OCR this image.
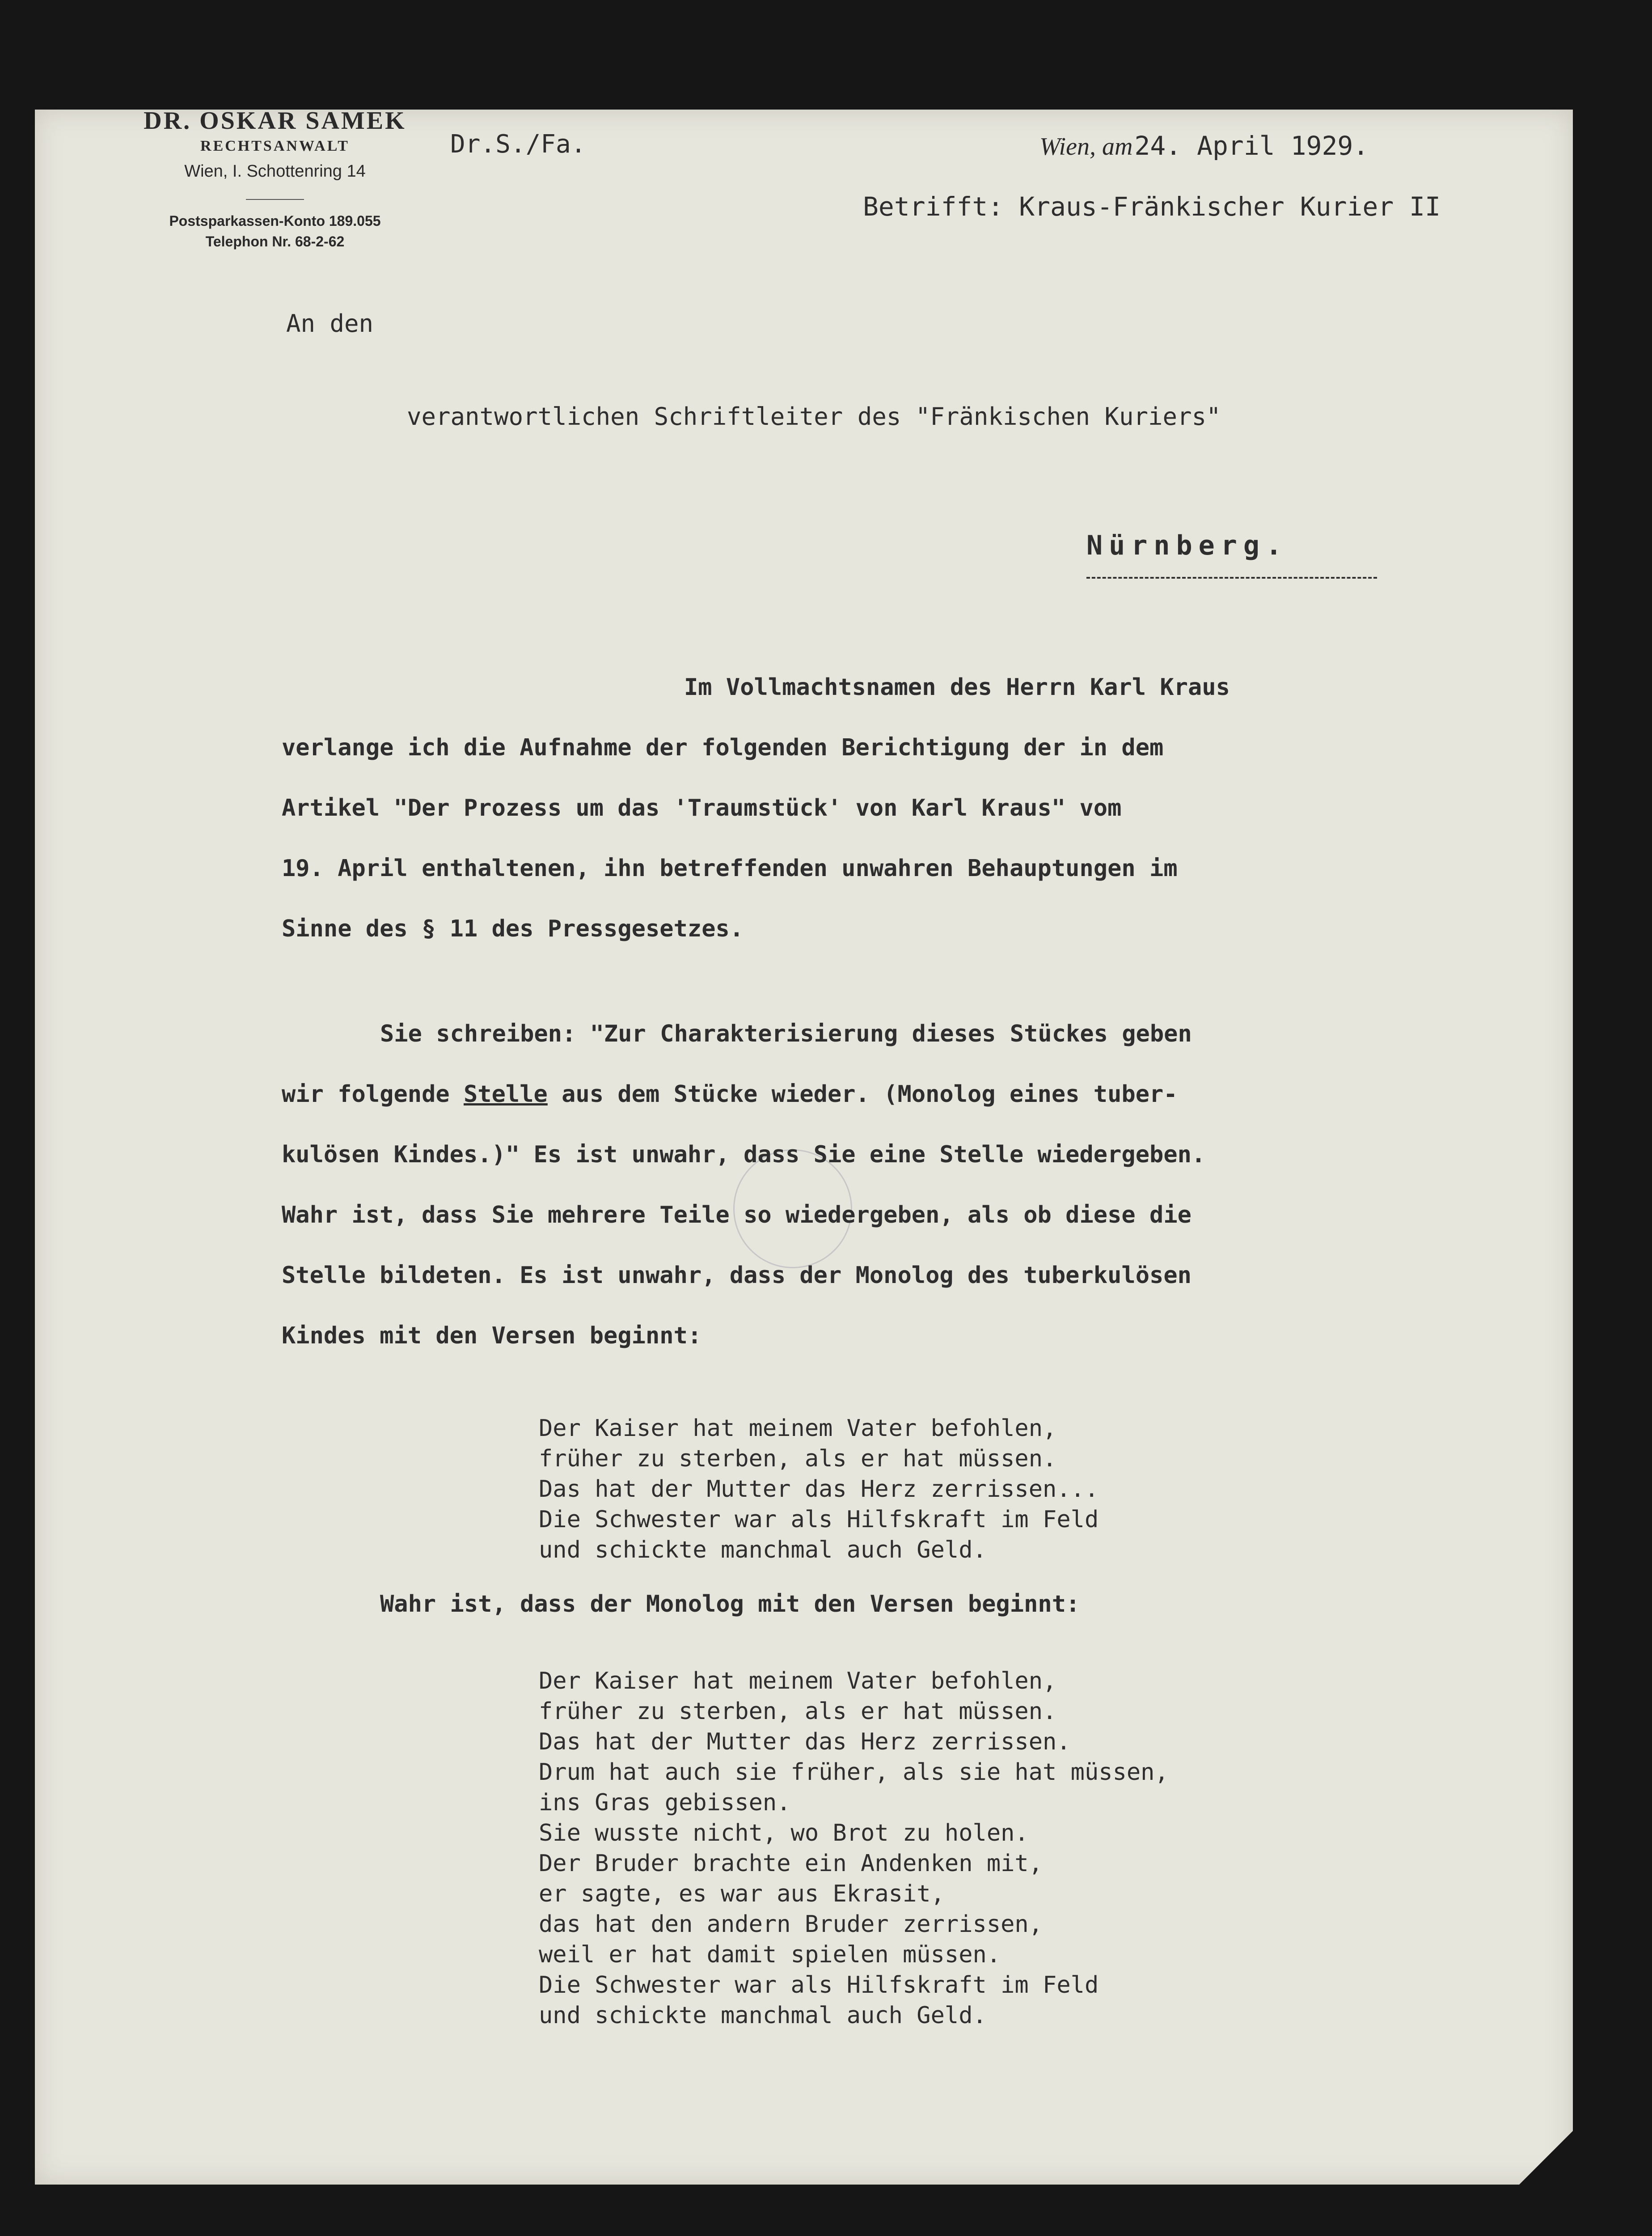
DR. OSKAR SAMEK
RECHTSANWALT
Wien, I. Schottenring 14
Postsparkassen-Konto 189.055
Telephon Nr. 68-2-62
Dr.S./Fa.	Wien, am 24. April 1929.
Betrifft: Kraus-Fränkischer Kurier II
An den
verantwortlichen Schriftleiter des "Fränkischen Kuriers"
Nürnberg.
Im Vollmachtsnamen des Herrn Karl Kraus
verlange ich die Aufnahme der folgenden Berichtigung der in dem
Artikel "Der Prozess um das 'Traumstück' von Karl Kraus" vom
19. April enthaltenen, ihn betreffenden unwahren Behauptungen im
Sinne des § 11 des Pressgesetzes.
Sie schreiben: "Zur Charakterisierung dieses Stückes geben
wir folgende Stelle aus dem Stücke wieder. (Monolog eines tuber-
kulösen Kindes.)" Es ist unwahr, dass Sie eine Stelle wiedergeben.
Wahr ist, dass Sie mehrere Teile so wiedergeben, als ob diese die
Stelle bildeten. Es ist unwahr, dass der Monolog des tuberkulösen
Kindes mit den Versen beginnt:
Der Kaiser hat meinem Vater befohlen,
früher zu sterben, als er hat müssen.
Das hat der Mutter das Herz zerrissen...
Die Schwester war als Hilfskraft im Feld
und schickte manchmal auch Geld.
Wahr ist, dass der Monolog mit den Versen beginnt:
Der Kaiser hat meinem Vater befohlen,
früher zu sterben, als er hat müssen.
Das hat der Mutter das Herz zerrissen.
Drum hat auch sie früher, als sie hat müssen,
ins Gras gebissen.
Sie wusste nicht, wo Brot zu holen.
Der Bruder brachte ein Andenken mit,
er sagte, es war aus Ekrasit,
das hat den andern Bruder zerrissen,
weil er hat damit spielen müssen.
Die Schwester war als Hilfskraft im Feld
und schickte manchmal auch Geld.
